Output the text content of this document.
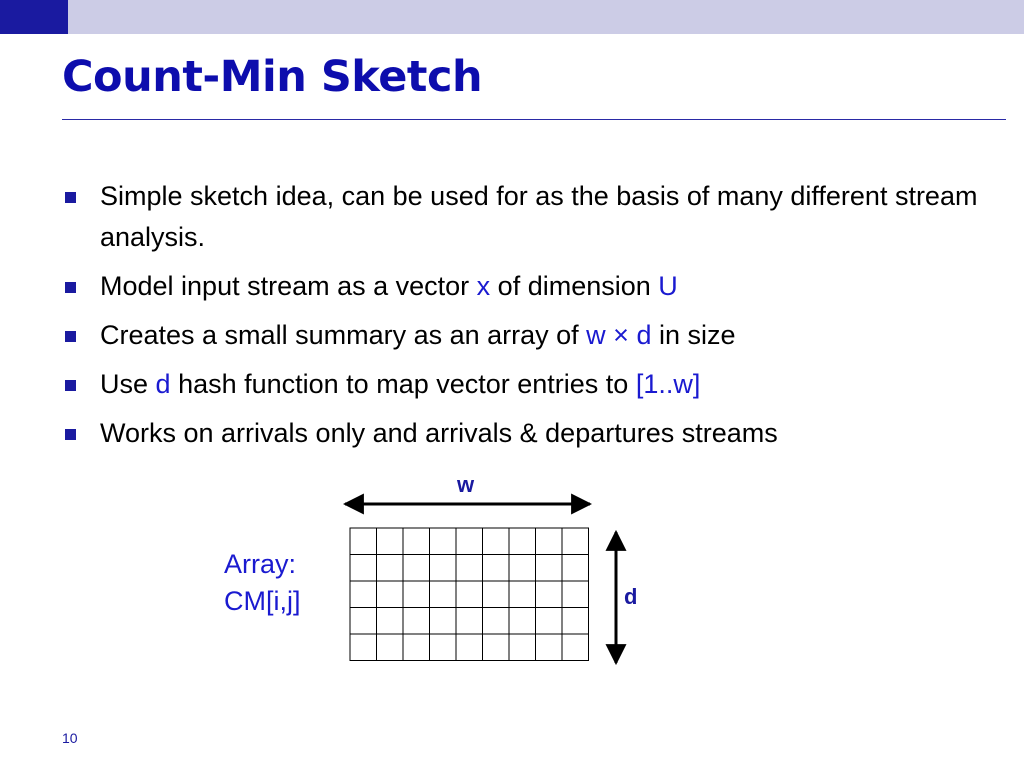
Count-Min Sketch
Simple sketch idea, can be used for as the basis of many different stream analysis.
Model input stream as a vector x of dimension U
Creates a small summary as an array of w × d in size
Use d hash function to map vector entries to [1..w]
Works on arrivals only and arrivals & departures streams
Array:
CM[i,j]
w
d
10
